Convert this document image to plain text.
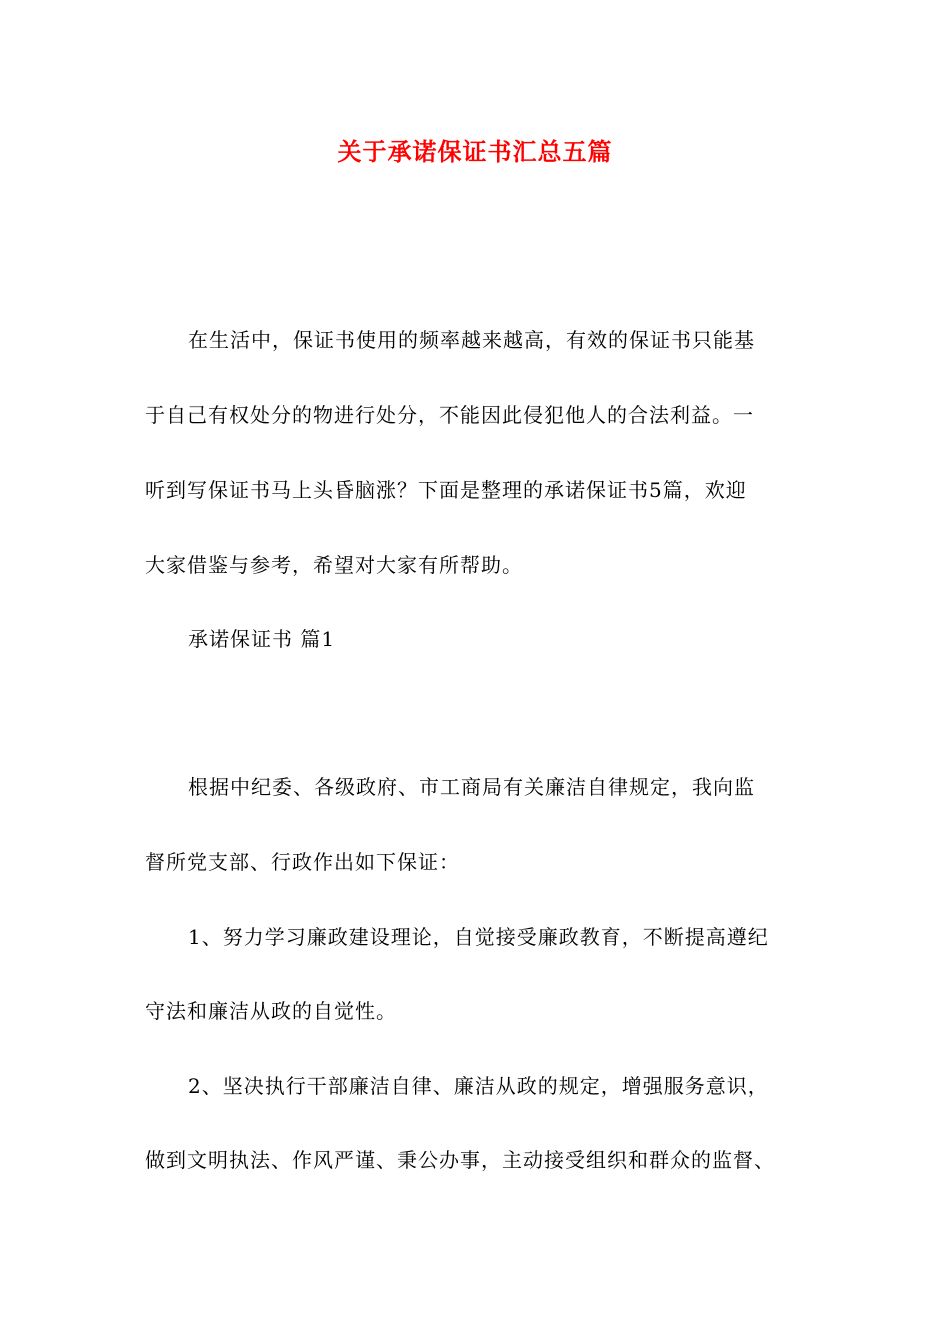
关于承诺保证书汇总五篇
在生活中，保证书使用的频率越来越高，有效的保证书只能基
于自己有权处分的物进行处分，不能因此侵犯他人的合法利益。一
听到写保证书马上头昏脑涨？下面是整理的承诺保证书5篇，欢迎
大家借鉴与参考，希望对大家有所帮助。
承诺保证书 篇1
根据中纪委、各级政府、市工商局有关廉洁自律规定，我向监
督所党支部、行政作出如下保证：
1、努力学习廉政建设理论，自觉接受廉政教育，不断提高遵纪
守法和廉洁从政的自觉性。
2、坚决执行干部廉洁自律、廉洁从政的规定，增强服务意识，
做到文明执法、作风严谨、秉公办事，主动接受组织和群众的监督、
